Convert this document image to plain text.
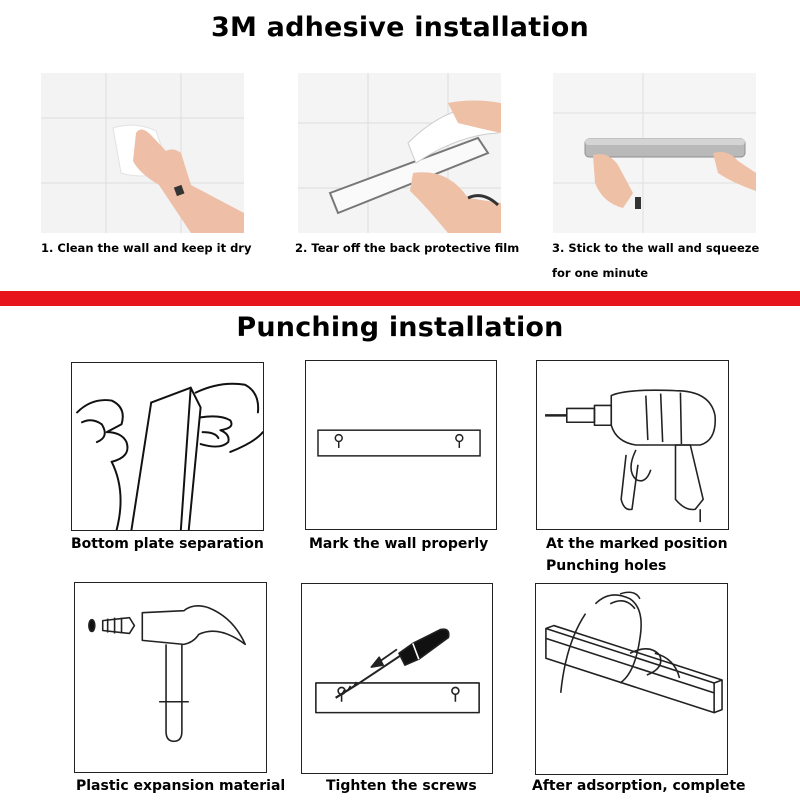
3M adhesive installation
1. Clean the wall and keep it dry	2. Tear off the back protective film	3. Stick to the wall and squeeze
for one minute
Punching installation
Bottom plate separation	Mark the wall properly	At the marked position
Punching holes
Plastic expansion material	Tighten the screws	After adsorption, complete
